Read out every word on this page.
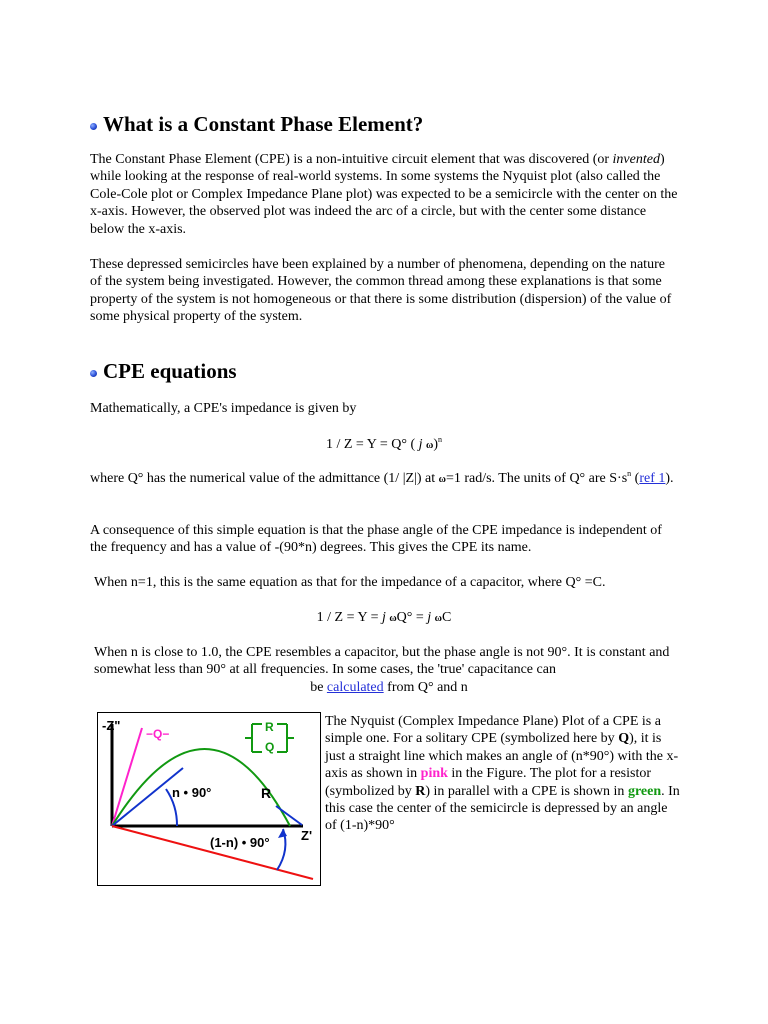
What is a Constant Phase Element?
The Constant Phase Element (CPE) is a non-intuitive circuit element that was discovered (or invented) while looking at the response of real-world systems. In some systems the Nyquist plot (also called the Cole-Cole plot or Complex Impedance Plane plot) was expected to be a semicircle with the center on the x-axis. However, the observed plot was indeed the arc of a circle, but with the center some distance below the x-axis.
These depressed semicircles have been explained by a number of phenomena, depending on the nature of the system being investigated. However, the common thread among these explanations is that some property of the system is not homogeneous or that there is some distribution (dispersion) of the value of some physical property of the system.
CPE equations
Mathematically, a CPE's impedance is given by
1 / Z = Y = Q° ( j ω)$^n$
where Q° has the numerical value of the admittance (1/ |Z|) at ω=1 rad/s. The units of Q° are $S\cdot s^n$ (ref 1).
A consequence of this simple equation is that the phase angle of the CPE impedance is independent of the frequency and has a value of -(90*n) degrees. This gives the CPE its name.
When n=1, this is the same equation as that for the impedance of a capacitor, where Q° =C.
1 / Z = Y = j ωQ° = j ωC
When n is close to 1.0, the CPE resembles a capacitor, but the phase angle is not 90°. It is constant and somewhat less than 90° at all frequencies. In some cases, the 'true' capacitance can

be calculated from Q° and n
-Z"
Z'
−Q−	R
Q
n • 90°	R
(1-n) • 90°
The Nyquist (Complex Impedance Plane) Plot of a CPE is a simple one. For a solitary CPE (symbolized here by Q), it is just a straight line which makes an angle of (n*90°) with the x-axis as shown in pink in the Figure. The plot for a resistor (symbolized by R) in parallel with a CPE is shown in green. In this case the center of the semicircle is depressed by an angle of (1-n)*90°
